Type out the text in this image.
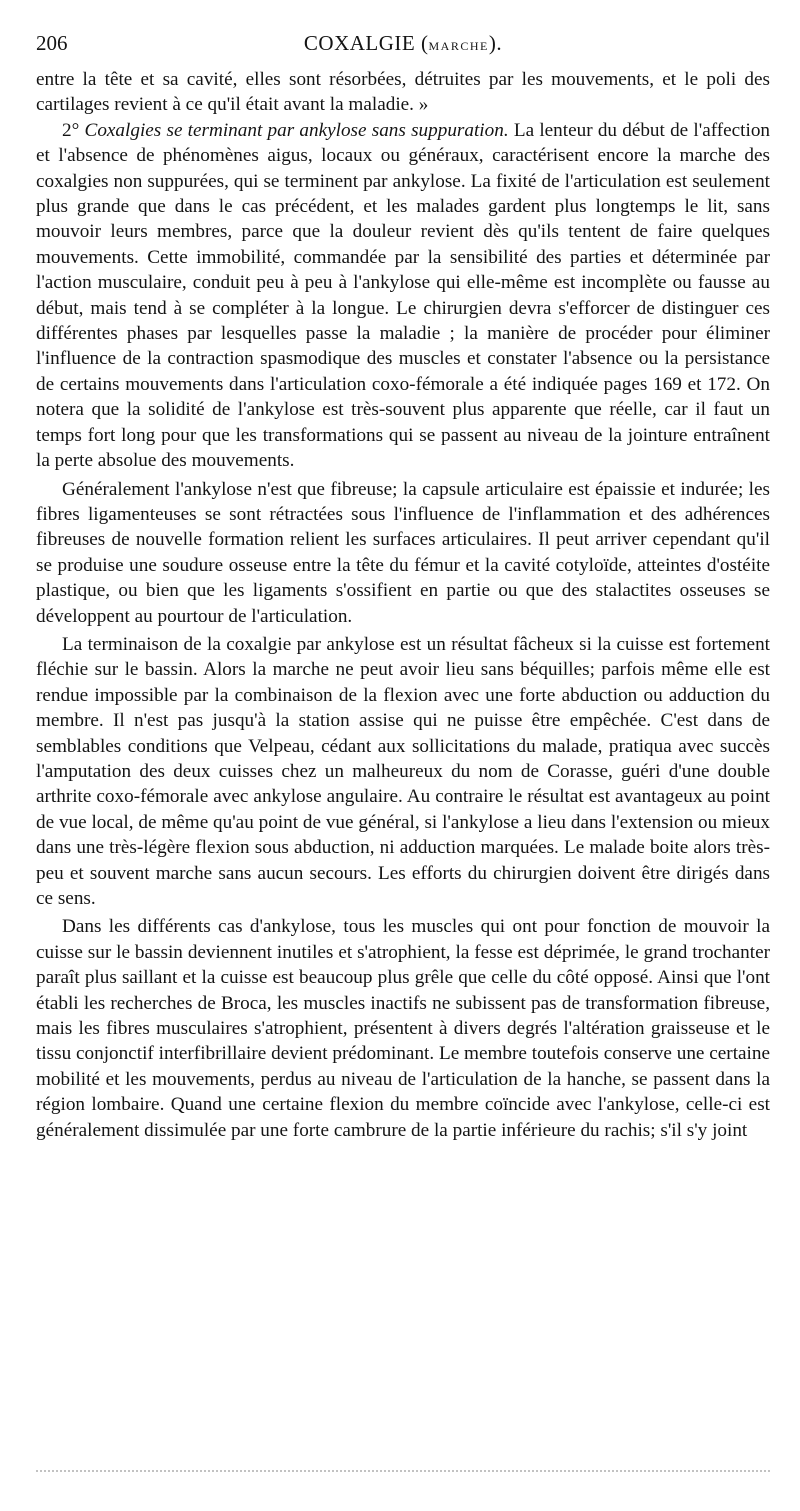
206	COXALGIE (MARCHE).

entre la tête et sa cavité, elles sont résorbées, détruites par les mouvements, et le poli des cartilages revient à ce qu'il était avant la maladie. »

2° Coxalgies se terminant par ankylose sans suppuration. La lenteur du début de l'affection et l'absence de phénomènes aigus, locaux ou généraux, caractérisent encore la marche des coxalgies non suppurées, qui se terminent par ankylose. La fixité de l'articulation est seulement plus grande que dans le cas précédent, et les malades gardent plus longtemps le lit, sans mouvoir leurs membres, parce que la douleur revient dès qu'ils tentent de faire quelques mouvements. Cette immobilité, commandée par la sensibilité des parties et déterminée par l'action musculaire, conduit peu à peu à l'ankylose qui elle-même est incomplète ou fausse au début, mais tend à se compléter à la longue. Le chirurgien devra s'efforcer de distinguer ces différentes phases par lesquelles passe la maladie ; la manière de procéder pour éliminer l'influence de la contraction spasmodique des muscles et constater l'absence ou la persistance de certains mouvements dans l'articulation coxo-fémorale a été indiquée pages 169 et 172. On notera que la solidité de l'ankylose est très-souvent plus apparente que réelle, car il faut un temps fort long pour que les transformations qui se passent au niveau de la jointure entraînent la perte absolue des mouvements.

Généralement l'ankylose n'est que fibreuse; la capsule articulaire est épaissie et indurée; les fibres ligamenteuses se sont rétractées sous l'influence de l'inflammation et des adhérences fibreuses de nouvelle formation relient les surfaces articulaires. Il peut arriver cependant qu'il se produise une soudure osseuse entre la tête du fémur et la cavité cotyloïde, atteintes d'ostéite plastique, ou bien que les ligaments s'ossifient en partie ou que des stalactites osseuses se développent au pourtour de l'articulation.

La terminaison de la coxalgie par ankylose est un résultat fâcheux si la cuisse est fortement fléchie sur le bassin. Alors la marche ne peut avoir lieu sans béquilles; parfois même elle est rendue impossible par la combinaison de la flexion avec une forte abduction ou adduction du membre. Il n'est pas jusqu'à la station assise qui ne puisse être empêchée. C'est dans de semblables conditions que Velpeau, cédant aux sollicitations du malade, pratiqua avec succès l'amputation des deux cuisses chez un malheureux du nom de Corasse, guéri d'une double arthrite coxo-fémorale avec ankylose angulaire. Au contraire le résultat est avantageux au point de vue local, de même qu'au point de vue général, si l'ankylose a lieu dans l'extension ou mieux dans une très-légère flexion sous abduction, ni adduction marquées. Le malade boite alors très-peu et souvent marche sans aucun secours. Les efforts du chirurgien doivent être dirigés dans ce sens.

Dans les différents cas d'ankylose, tous les muscles qui ont pour fonction de mouvoir la cuisse sur le bassin deviennent inutiles et s'atrophient, la fesse est déprimée, le grand trochanter paraît plus saillant et la cuisse est beaucoup plus grêle que celle du côté opposé. Ainsi que l'ont établi les recherches de Broca, les muscles inactifs ne subissent pas de transformation fibreuse, mais les fibres musculaires s'atrophient, présentent à divers degrés l'altération graisseuse et le tissu conjonctif interfibrillaire devient prédominant. Le membre toutefois conserve une certaine mobilité et les mouvements, perdus au niveau de l'articulation de la hanche, se passent dans la région lombaire. Quand une certaine flexion du membre coïncide avec l'ankylose, celle-ci est généralement dissimulée par une forte cambrure de la partie inférieure du rachis; s'il s'y joint
